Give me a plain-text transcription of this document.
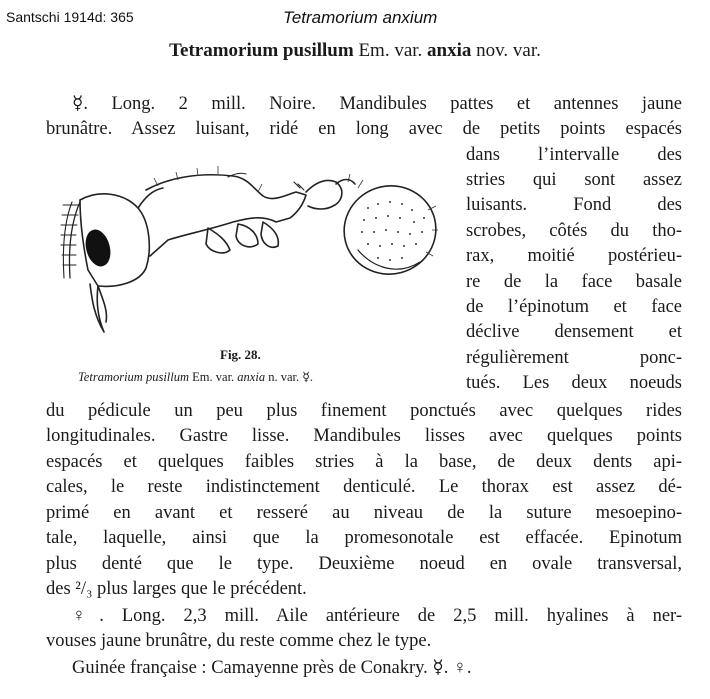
Santschi 1914d: 365	Tetramorium anxium
Tetramorium pusillum Em. var. anxia nov. var.
☿. Long. 2 mill. Noire. Mandibules pattes et antennes jaune
brunâtre. Assez luisant, ridé en long avec de petits points espacés
dans l’intervalle des
stries qui sont assez
luisants. Fond des
scrobes, côtés du tho-
rax, moitié postérieu-
re de la face basale
de l’épinotum et face
déclive densement et
régulièrement ponc-
tués. Les deux noeuds
Fig. 28.
Tetramorium pusillum Em. var. anxia n. var. ☿.
du pédicule un peu plus finement ponctués avec quelques rides
longitudinales. Gastre lisse. Mandibules lisses avec quelques points
espacés et quelques faibles stries à la base, de deux dents api-
cales, le reste indistinctement denticulé. Le thorax est assez dé-
primé en avant et resseré au niveau de la suture mesoepino-
tale, laquelle, ainsi que la promesonotale est effacée. Epinotum
plus denté que le type. Deuxième noeud en ovale transversal,
des ²/₃ plus larges que le précédent.
♀. Long. 2,3 mill. Aile antérieure de 2,5 mill. hyalines à ner-
vouses jaune brunâtre, du reste comme chez le type.
Guinée française : Camayenne près de Conakry. ☿. ♀.
